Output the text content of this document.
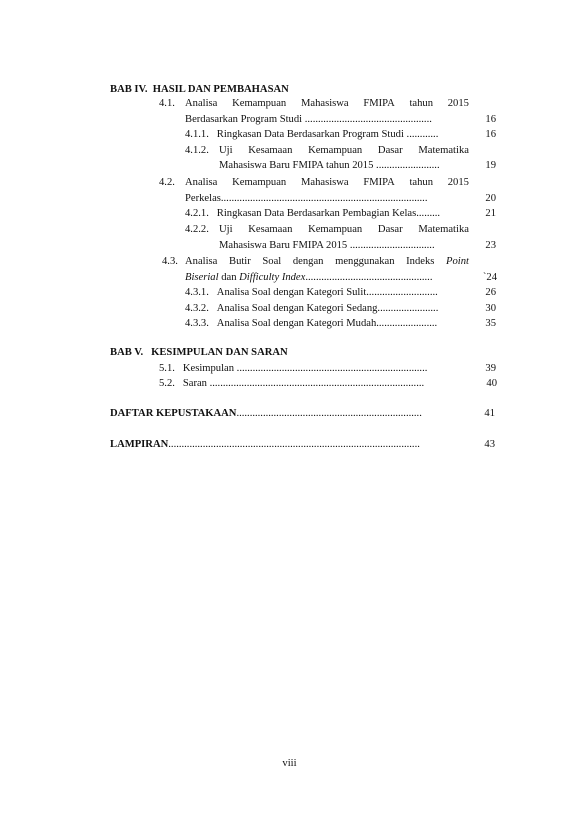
BAB IV. HASIL DAN PEMBAHASAN
4.1. Analisa Kemampuan Mahasiswa FMIPA tahun 2015
Berdasarkan Program Studi ................................................	16
4.1.1. Ringkasan Data Berdasarkan Program Studi ............	16
4.1.2. Uji Kesamaan Kemampuan Dasar Matematika
Mahasiswa Baru FMIPA tahun 2015 ........................	19
4.2. Analisa Kemampuan Mahasiswa FMIPA tahun 2015
Perkelas..............................................................................	20
4.2.1. Ringkasan Data Berdasarkan Pembagian Kelas.........	21
4.2.2. Uji Kesamaan Kemampuan Dasar Matematika
Mahasiswa Baru FMIPA 2015 ................................	23
4.3. Analisa Butir Soal dengan menggunakan Indeks Point
Biserial dan Difficulty Index................................................	`24
4.3.1. Analisa Soal dengan Kategori Sulit...........................	26
4.3.2. Analisa Soal dengan Kategori Sedang.......................	30
4.3.3. Analisa Soal dengan Kategori Mudah.......................	35
BAB V. KESIMPULAN DAN SARAN
5.1. Kesimpulan ........................................................................	39
5.2. Saran .................................................................................	40
DAFTAR KEPUSTAKAAN......................................................................	41
LAMPIRAN...............................................................................................	43
viii
